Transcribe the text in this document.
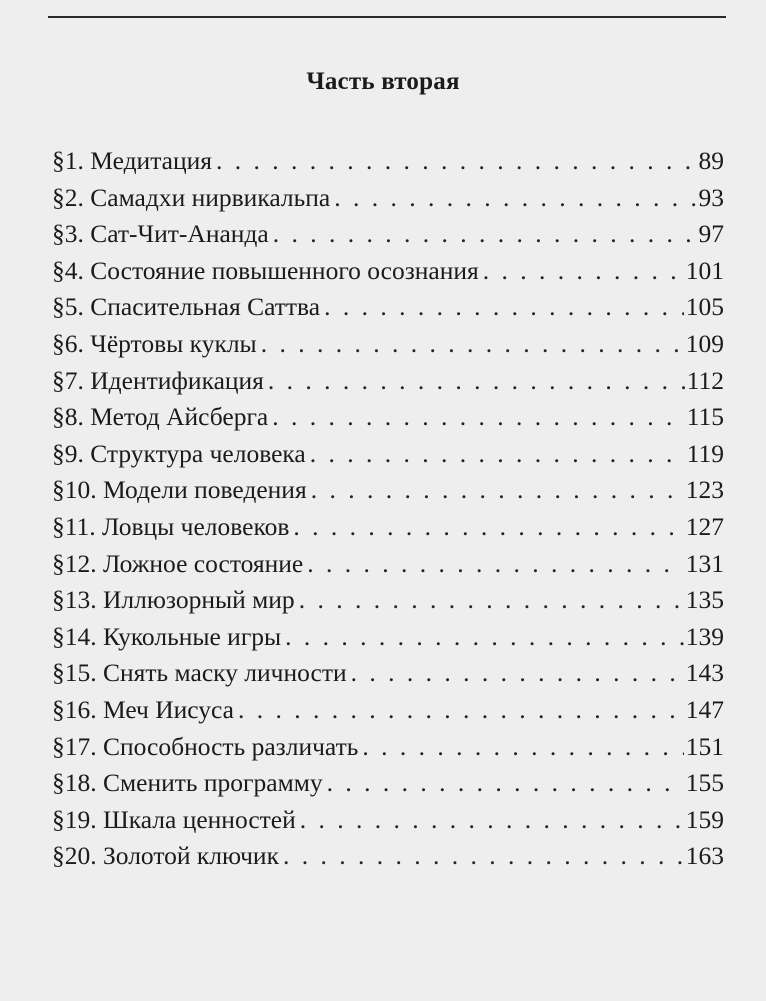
Часть вторая
§1. Медитация . . .	89
§2. Самадхи нирвикальпа . . .	93
§3. Сат-Чит-Ананда . . .	97
§4. Состояние повышенного осознания . . .	101
§5. Спасительная Саттва . . .	105
§6. Чёртовы куклы . . .	109
§7. Идентификация . . .	112
§8. Метод Айсберга . . .	115
§9. Структура человека . . .	119
§10. Модели поведения . . .	123
§11. Ловцы человеков . . .	127
§12. Ложное состояние . . .	131
§13. Иллюзорный мир . . .	135
§14. Кукольные игры . . .	139
§15. Снять маску личности . . .	143
§16. Меч Иисуса . . .	147
§17. Способность различать . . .	151
§18. Сменить программу . . .	155
§19. Шкала ценностей . . .	159
§20. Золотой ключик . . .	163
